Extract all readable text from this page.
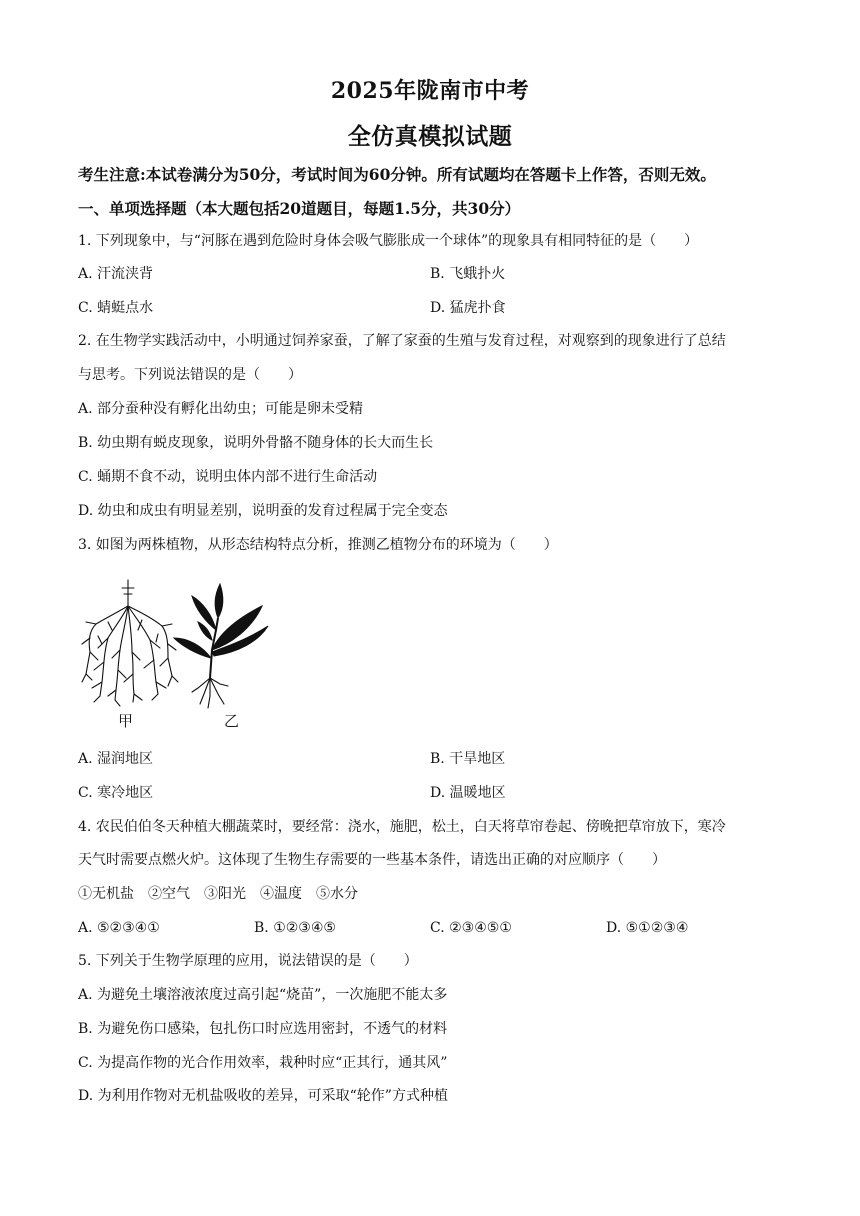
2025年陇南市中考
全仿真模拟试题
考生注意:本试卷满分为50分，考试时间为60分钟。所有试题均在答题卡上作答，否则无效。
一、单项选择题（本大题包括20道题目，每题1.5分，共30分）
1. 下列现象中，与“河豚在遇到危险时身体会吸气膨胀成一个球体”的现象具有相同特征的是（　　）
A. 汗流浃背	B. 飞蛾扑火
C. 蜻蜓点水	D. 猛虎扑食
2. 在生物学实践活动中，小明通过饲养家蚕，了解了家蚕的生殖与发育过程，对观察到的现象进行了总结
与思考。下列说法错误的是（　　）
A. 部分蚕种没有孵化出幼虫；可能是卵未受精
B. 幼虫期有蜕皮现象，说明外骨骼不随身体的长大而生长
C. 蛹期不食不动，说明虫体内部不进行生命活动
D. 幼虫和成虫有明显差别，说明蚕的发育过程属于完全变态
3. 如图为两株植物，从形态结构特点分析，推测乙植物分布的环境为（　　）
甲	乙
A. 湿润地区	B. 干旱地区
C. 寒冷地区	D. 温暖地区
4. 农民伯伯冬天种植大棚蔬菜时，要经常：浇水，施肥，松土，白天将草帘卷起、傍晚把草帘放下，寒冷
天气时需要点燃火炉。这体现了生物生存需要的一些基本条件，请选出正确的对应顺序（　　）
①无机盐　②空气　③阳光　④温度　⑤水分
A. ⑤②③④①	B. ①②③④⑤	C. ②③④⑤①	D. ⑤①②③④
5. 下列关于生物学原理的应用，说法错误的是（　　）
A. 为避免土壤溶液浓度过高引起“烧苗”，一次施肥不能太多
B. 为避免伤口感染，包扎伤口时应选用密封，不透气的材料
C. 为提高作物的光合作用效率，栽种时应“正其行，通其风”
D. 为利用作物对无机盐吸收的差异，可采取“轮作”方式种植
